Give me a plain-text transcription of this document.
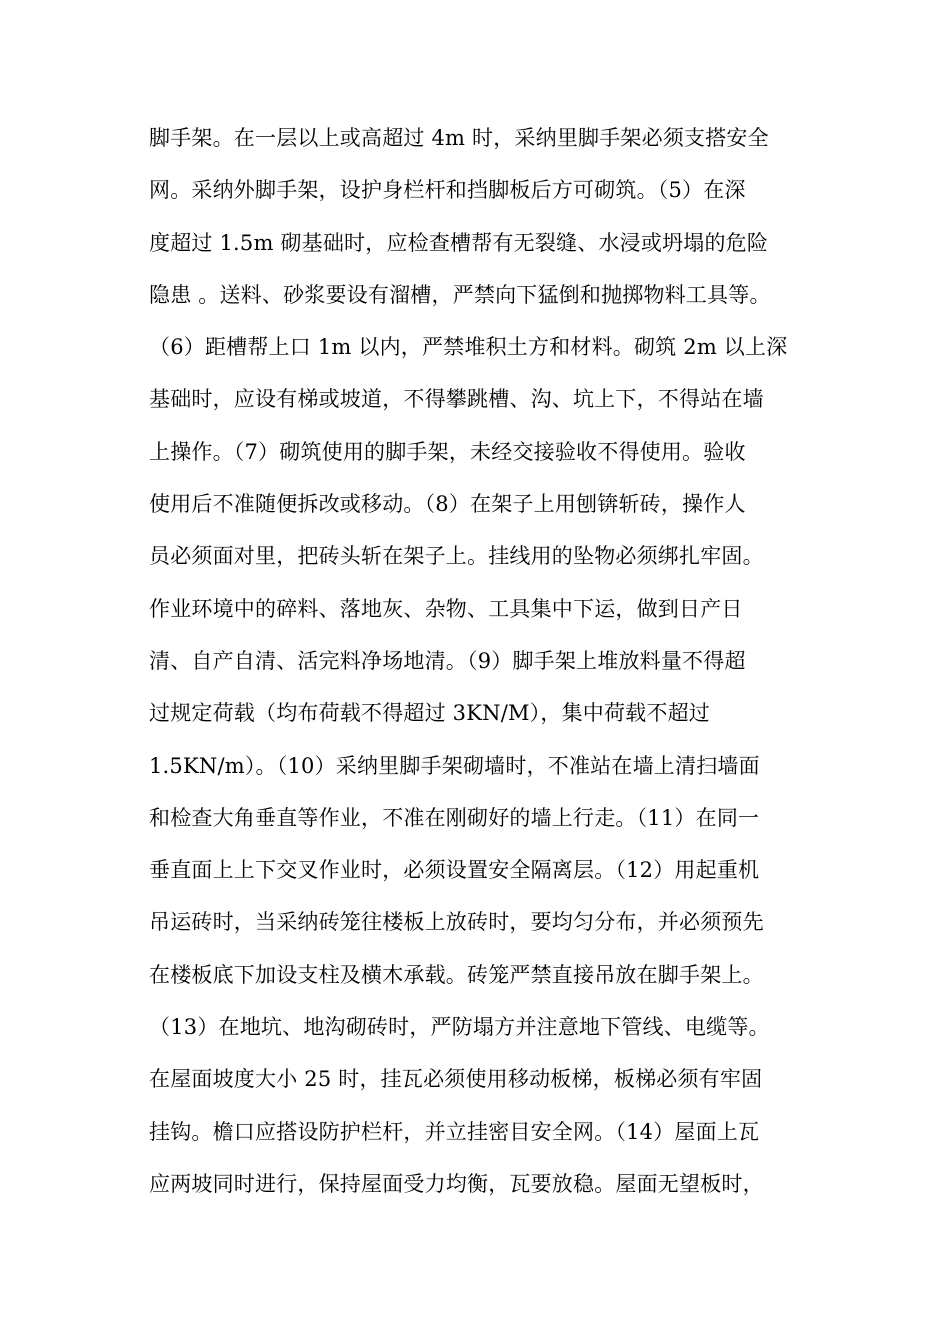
脚手架。在一层以上或高超过 4m 时，采纳里脚手架必须支搭安全
网。采纳外脚手架，设护身栏杆和挡脚板后方可砌筑。（5）在深
度超过 1.5m 砌基础时，应检查槽帮有无裂缝、水浸或坍塌的危险
隐患 。送料、砂浆要设有溜槽，严禁向下猛倒和抛掷物料工具等。
（6）距槽帮上口 1m 以内，严禁堆积土方和材料。砌筑 2m 以上深
基础时，应设有梯或坡道，不得攀跳槽、沟、坑上下，不得站在墙
上操作。（7）砌筑使用的脚手架，未经交接验收不得使用。验收
使用后不准随便拆改或移动。（8）在架子上用刨锛斩砖，操作人
员必须面对里，把砖头斩在架子上。挂线用的坠物必须绑扎牢固。
作业环境中的碎料、落地灰、杂物、工具集中下运，做到日产日
清、自产自清、活完料净场地清。（9）脚手架上堆放料量不得超
过规定荷载（均布荷载不得超过 3KN/M），集中荷载不超过
1.5KN/m）。（10）采纳里脚手架砌墙时，不准站在墙上清扫墙面
和检查大角垂直等作业，不准在刚砌好的墙上行走。（11）在同一
垂直面上上下交叉作业时，必须设置安全隔离层。（12）用起重机
吊运砖时，当采纳砖笼往楼板上放砖时，要均匀分布，并必须预先
在楼板底下加设支柱及横木承载。砖笼严禁直接吊放在脚手架上。
（13）在地坑、地沟砌砖时，严防塌方并注意地下管线、电缆等。
在屋面坡度大小 25 时，挂瓦必须使用移动板梯，板梯必须有牢固
挂钩。檐口应搭设防护栏杆，并立挂密目安全网。（14）屋面上瓦
应两坡同时进行，保持屋面受力均衡，瓦要放稳。屋面无望板时，
